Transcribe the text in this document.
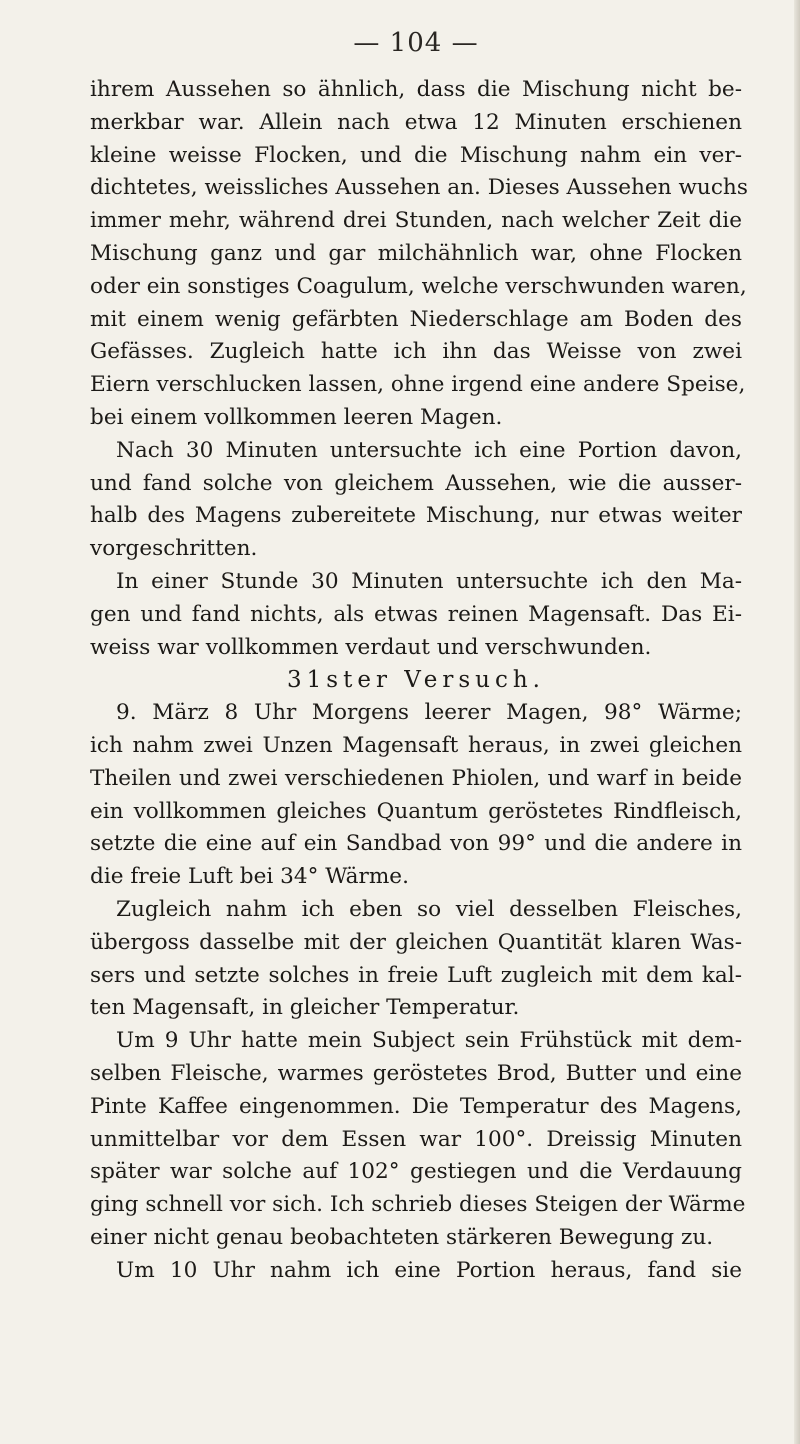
— 104 —
ihrem Aussehen so ähnlich, dass die Mischung nicht be-
merkbar war. Allein nach etwa 12 Minuten erschienen
kleine weisse Flocken, und die Mischung nahm ein ver-
dichtetes, weissliches Aussehen an. Dieses Aussehen wuchs
immer mehr, während drei Stunden, nach welcher Zeit die
Mischung ganz und gar milchähnlich war, ohne Flocken
oder ein sonstiges Coagulum, welche verschwunden waren,
mit einem wenig gefärbten Niederschlage am Boden des
Gefässes. Zugleich hatte ich ihn das Weisse von zwei
Eiern verschlucken lassen, ohne irgend eine andere Speise,
bei einem vollkommen leeren Magen.
Nach 30 Minuten untersuchte ich eine Portion davon,
und fand solche von gleichem Aussehen, wie die ausser-
halb des Magens zubereitete Mischung, nur etwas weiter
vorgeschritten.
In einer Stunde 30 Minuten untersuchte ich den Ma-
gen und fand nichts, als etwas reinen Magensaft. Das Ei-
weiss war vollkommen verdaut und verschwunden.
31ster Versuch.
9. März 8 Uhr Morgens leerer Magen, 98° Wärme;
ich nahm zwei Unzen Magensaft heraus, in zwei gleichen
Theilen und zwei verschiedenen Phiolen, und warf in beide
ein vollkommen gleiches Quantum geröstetes Rindfleisch,
setzte die eine auf ein Sandbad von 99° und die andere in
die freie Luft bei 34° Wärme.
Zugleich nahm ich eben so viel desselben Fleisches,
übergoss dasselbe mit der gleichen Quantität klaren Was-
sers und setzte solches in freie Luft zugleich mit dem kal-
ten Magensaft, in gleicher Temperatur.
Um 9 Uhr hatte mein Subject sein Frühstück mit dem-
selben Fleische, warmes geröstetes Brod, Butter und eine
Pinte Kaffee eingenommen. Die Temperatur des Magens,
unmittelbar vor dem Essen war 100°. Dreissig Minuten
später war solche auf 102° gestiegen und die Verdauung
ging schnell vor sich. Ich schrieb dieses Steigen der Wärme
einer nicht genau beobachteten stärkeren Bewegung zu.
Um 10 Uhr nahm ich eine Portion heraus, fand sie
